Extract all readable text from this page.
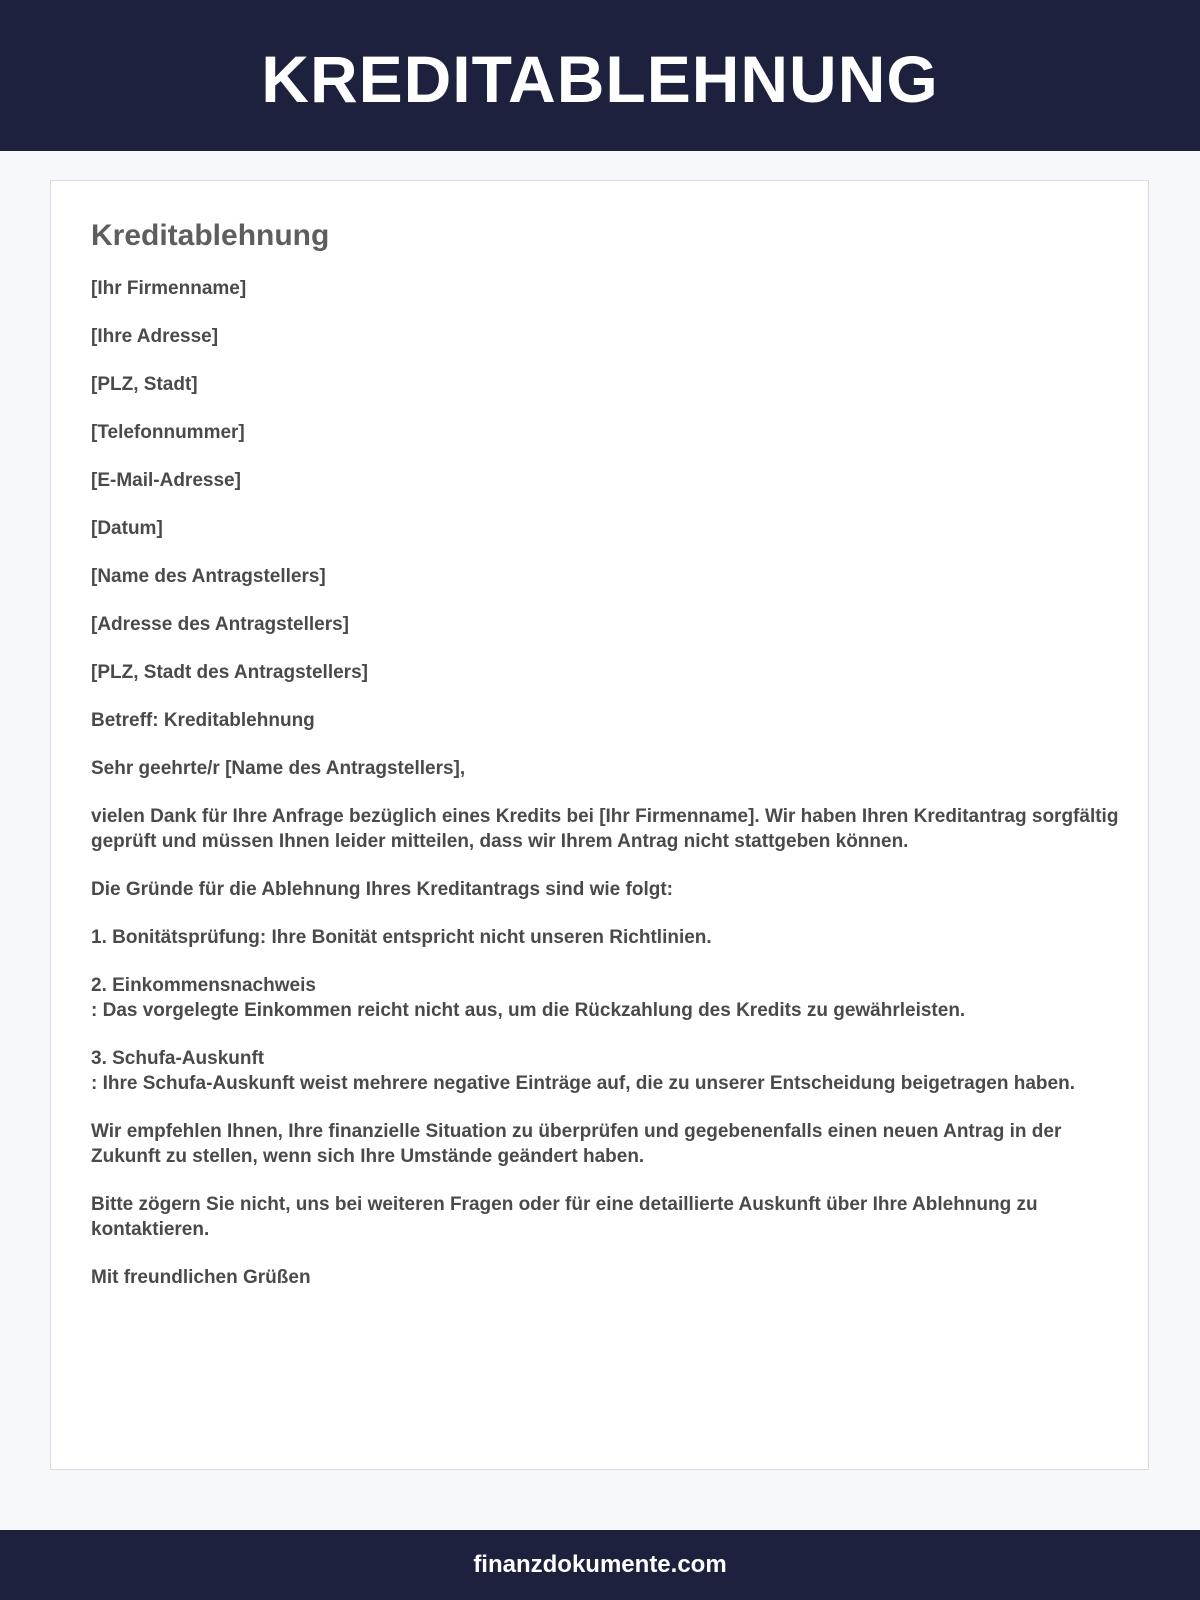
KREDITABLEHNUNG
Kreditablehnung
[Ihr Firmenname]
[Ihre Adresse]
[PLZ, Stadt]
[Telefonnummer]
[E-Mail-Adresse]
[Datum]
[Name des Antragstellers]
[Adresse des Antragstellers]
[PLZ, Stadt des Antragstellers]
Betreff: Kreditablehnung
Sehr geehrte/r [Name des Antragstellers],

vielen Dank für Ihre Anfrage bezüglich eines Kredits bei [Ihr Firmenname]. Wir haben Ihren Kreditantrag sorgfältig geprüft und müssen Ihnen leider mitteilen, dass wir Ihrem Antrag nicht stattgeben können.

Die Gründe für die Ablehnung Ihres Kreditantrags sind wie folgt:

1. Bonitätsprüfung: Ihre Bonität entspricht nicht unseren Richtlinien.
2. Einkommensnachweis
: Das vorgelegte Einkommen reicht nicht aus, um die Rückzahlung des Kredits zu gewährleisten.
3. Schufa-Auskunft
: Ihre Schufa-Auskunft weist mehrere negative Einträge auf, die zu unserer Entscheidung beigetragen haben.

Wir empfehlen Ihnen, Ihre finanzielle Situation zu überprüfen und gegebenenfalls einen neuen Antrag in der Zukunft zu stellen, wenn sich Ihre Umstände geändert haben.

Bitte zögern Sie nicht, uns bei weiteren Fragen oder für eine detaillierte Auskunft über Ihre Ablehnung zu kontaktieren.

Mit freundlichen Grüßen
finanzdokumente.com
